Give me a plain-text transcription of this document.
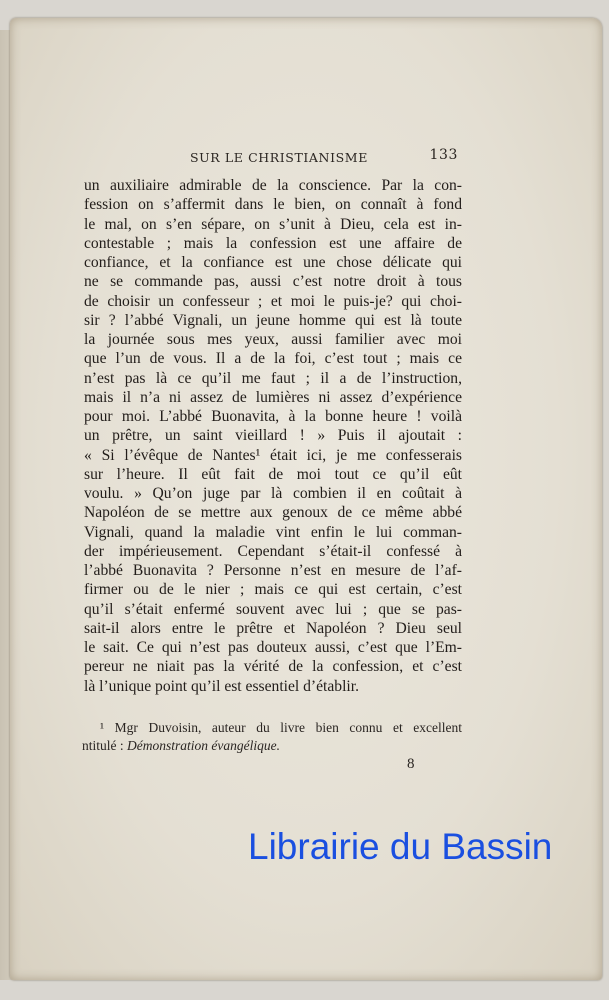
SUR LE CHRISTIANISME	133
un auxiliaire admirable de la conscience. Par la con-
fession on s’affermit dans le bien, on connaît à fond
le mal, on s’en sépare, on s’unit à Dieu, cela est in-
contestable ; mais la confession est une affaire de
confiance, et la confiance est une chose délicate qui
ne se commande pas, aussi c’est notre droit à tous
de choisir un confesseur ; et moi le puis-je? qui choi-
sir ? l’abbé Vignali, un jeune homme qui est là toute
la journée sous mes yeux, aussi familier avec moi
que l’un de vous. Il a de la foi, c’est tout ; mais ce
n’est pas là ce qu’il me faut ; il a de l’instruction,
mais il n’a ni assez de lumières ni assez d’expérience
pour moi. L’abbé Buonavita, à la bonne heure ! voilà
un prêtre, un saint vieillard ! » Puis il ajoutait :
« Si l’évêque de Nantes¹ était ici, je me confesserais
sur l’heure. Il eût fait de moi tout ce qu’il eût
voulu. » Qu’on juge par là combien il en coûtait à
Napoléon de se mettre aux genoux de ce même abbé
Vignali, quand la maladie vint enfin le lui comman-
der impérieusement. Cependant s’était-il confessé à
l’abbé Buonavita ? Personne n’est en mesure de l’af-
firmer ou de le nier ; mais ce qui est certain, c’est
qu’il s’était enfermé souvent avec lui ; que se pas-
sait-il alors entre le prêtre et Napoléon ? Dieu seul
le sait. Ce qui n’est pas douteux aussi, c’est que l’Em-
pereur ne niait pas la vérité de la confession, et c’est
là l’unique point qu’il est essentiel d’établir.
¹ Mgr Duvoisin, auteur du livre bien connu et excellent
ntitulé : Démonstration évangélique.
8
Librairie du Bassin
